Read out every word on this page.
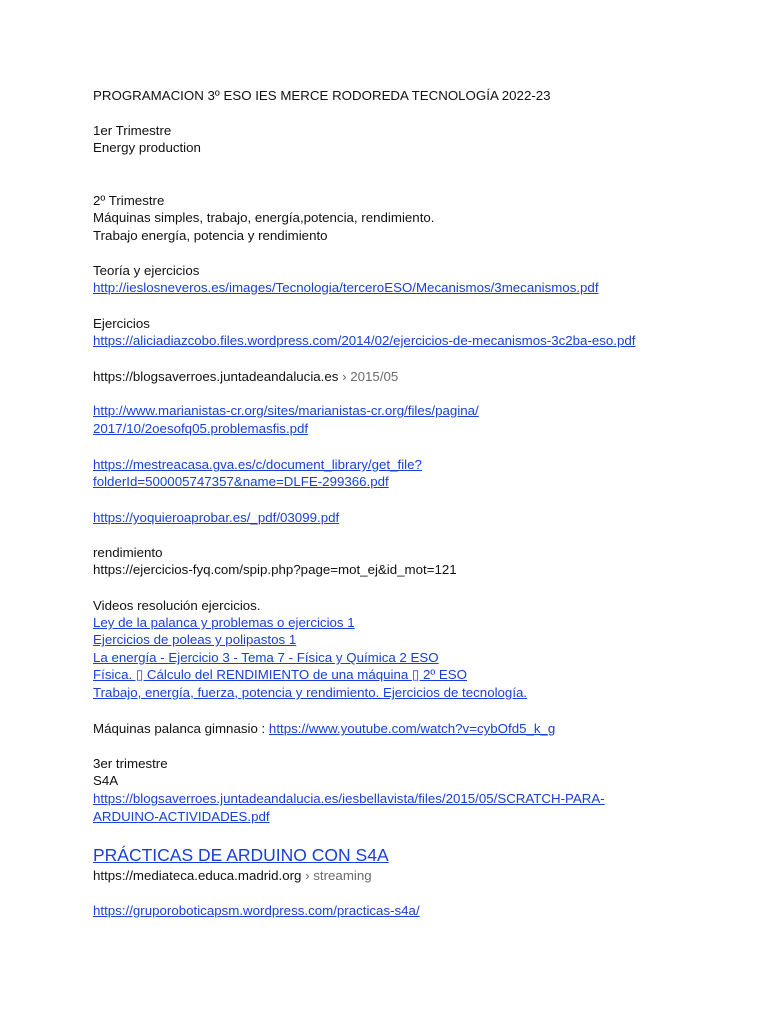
PROGRAMACION 3º ESO IES MERCE RODOREDA TECNOLOGÍA 2022-23

1er Trimestre

Energy production

2º Trimestre

Máquinas simples, trabajo, energía,potencia, rendimiento.

Trabajo energía, potencia y rendimiento

Teoría y ejercicios

http://ieslosneveros.es/images/Tecnologia/terceroESO/Mecanismos/3mecanismos.pdf

Ejercicios

https://aliciadiazcobo.files.wordpress.com/2014/02/ejercicios-de-mecanismos-3c2ba-eso.pdf

https://blogsaverroes.juntadeandalucia.es › 2015/05

http://www.marianistas-cr.org/sites/marianistas-cr.org/files/pagina/
2017/10/2oesofq05.problemasfis.pdf
https://mestreacasa.gva.es/c/document_library/get_file?
folderId=500005747357&name=DLFE-299366.pdf
https://yoquieroaprobar.es/_pdf/03099.pdf

rendimiento

https://ejercicios-fyq.com/spip.php?page=mot_ej&id_mot=121

Videos resolución ejercicios.

Ley de la palanca y problemas o ejercicios 1
Ejercicios de poleas y polipastos 1
La energía - Ejercicio 3 - Tema 7 - Física y Química 2 ESO
Física. ▯ Cálculo del RENDIMIENTO de una máquina ▯ 2º ESO
Trabajo, energía, fuerza, potencia y rendimiento. Ejercicios de tecnología.

Máquinas palanca gimnasio : https://www.youtube.com/watch?v=cybOfd5_k_g

3er trimestre

S4A

https://blogsaverroes.juntadeandalucia.es/iesbellavista/files/2015/05/SCRATCH-PARA-
ARDUINO-ACTIVIDADES.pdf
PRÁCTICAS DE ARDUINO CON S4A

https://mediateca.educa.madrid.org › streaming

https://gruporoboticapsm.wordpress.com/practicas-s4a/
